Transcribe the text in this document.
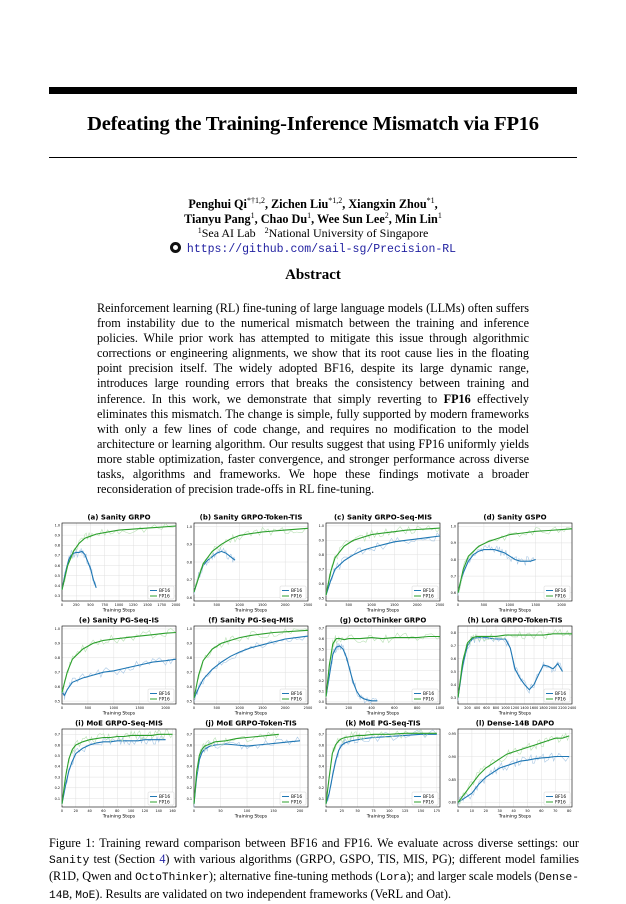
Defeating the Training-Inference Mismatch via FP16
Penghui Qi$^{*\dagger 1,2}$, Zichen Liu$^{*1,2}$, Xiangxin Zhou$^{*1}$,
Tianyu Pang$^1$, Chao Du$^1$, Wee Sun Lee$^2$, Min Lin$^1$
$^1$Sea AI Lab $^2$National University of Singapore
https://github.com/sail-sg/Precision-RL
Abstract
Reinforcement learning (RL) fine-tuning of large language models (LLMs) often suffers from instability due to the numerical mismatch between the training and inference policies. While prior work has attempted to mitigate this issue through algorithmic corrections or engineering alignments, we show that its root cause lies in the floating point precision itself. The widely adopted BF16, despite its large dynamic range, introduces large rounding errors that breaks the consistency between training and inference. In this work, we demonstrate that simply reverting to FP16 effectively eliminates this mismatch. The change is simple, fully supported by modern frameworks with only a few lines of code change, and requires no modification to the model architecture or learning algorithm. Our results suggest that using FP16 uniformly yields more stable optimization, faster convergence, and stronger performance across diverse tasks, algorithms and frameworks. We hope these findings motivate a broader reconsideration of precision trade-offs in RL fine-tuning.
(a) Sanity GRPO
0.3
0.4
0.5
0.6
0.7
0.8
0.9
1.0
0	250 500 750 1000 1250 1500 1750 2000
Training Steps
BF16
FP16
(b) Sanity GRPO-Token-TIS
0.6
0.7
0.8
0.9
1.0
0	500	1000	1500	2000	2500
Training Steps
BF16
FP16
(c) Sanity GRPO-Seq-MIS
0.5
0.6
0.7
0.8
0.9
1.0
0	500	1000	1500	2000	2500
Training Steps
BF16
FP16
(d) Sanity GSPO
0.6
0.7
0.8
0.9
1.0
0	500	1000	1500	2000
Training Steps
BF16
FP16
(e) Sanity PG-Seq-IS
0.5
0.6
0.7
0.8
0.9
1.0
0	500	1000	1500	2000
Training Steps
BF16
FP16
(f) Sanity PG-Seq-MIS
0.5
0.6
0.7
0.8
0.9
1.0
0	500	1000	1500	2000	2500
Training Steps
BF16
FP16
(g) OctoThinker GRPO
0.0
0.1
0.2
0.3
0.4
0.5
0.6
0.7
0	200	400	600	800	1000
Training Steps
BF16
FP16
(h) Lora GRPO-Token-TIS
0.3
0.4
0.5
0.6
0.7
0.8
0 200 400 600 800 1000 1200 1400 1600 1800 2000 2200 2400
Training Steps
BF16
FP16
(i) MoE GRPO-Seq-MIS
0.1
0.2
0.3
0.4
0.5
0.6
0.7
0	20	40	60	80 100 120 140 160
Training Steps
BF16
FP16
(j) MoE GRPO-Token-TIS
0.1
0.2
0.3
0.4
0.5
0.6
0.7
0	50	100	150	200
Training Steps
BF16
FP16
(k) MoE PG-Seq-TIS
0.1
0.2
0.3
0.4
0.5
0.6
0.7
0	25	50	75	100	125	150	175
Training Steps
BF16
FP16
(l) Dense-14B DAPO
0.80
0.85
0.90
0.95
0	10	20	30	40	50	60	70	80
Training Steps
BF16
FP16
Figure 1: Training reward comparison between BF16 and FP16. We evaluate across diverse settings: our Sanity test (Section 4) with various algorithms (GRPO, GSPO, TIS, MIS, PG); different model families (R1D, Qwen and OctoThinker); alternative fine-tuning methods (Lora); and larger scale models (Dense-14B, MoE). Results are validated on two independent frameworks (VeRL and Oat).
